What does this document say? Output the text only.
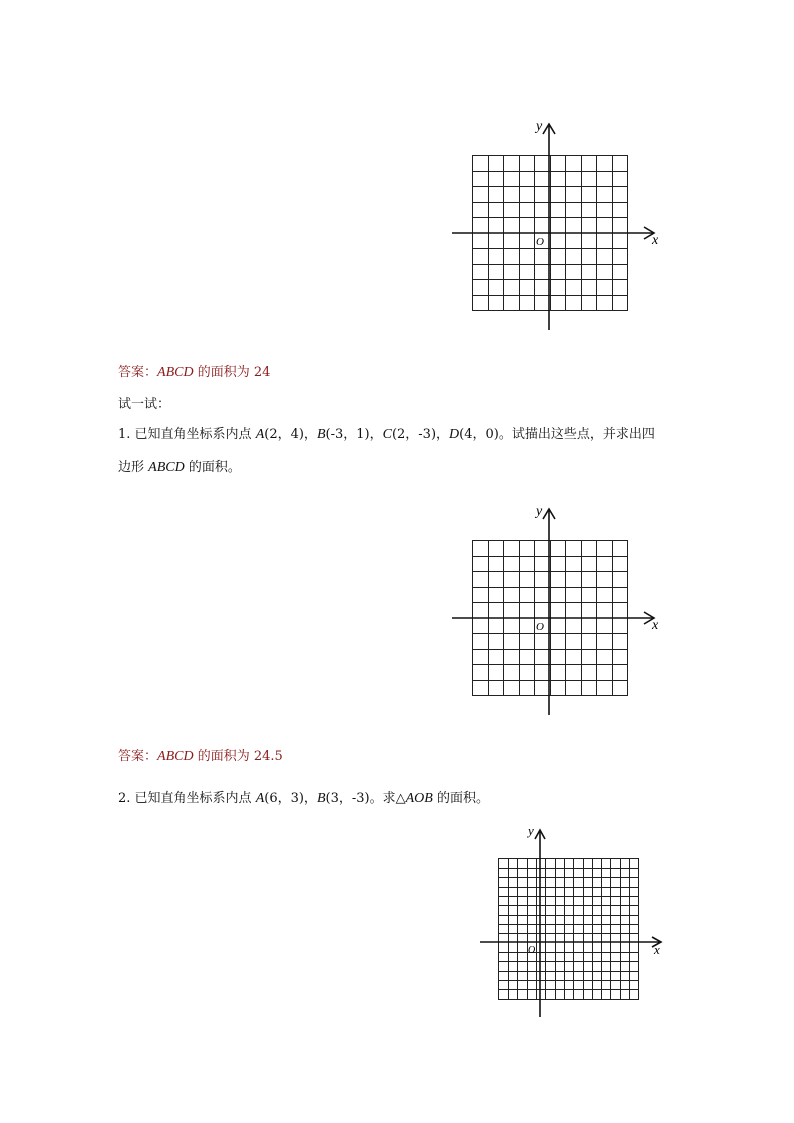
x
y
O
答案：ABCD 的面积为 24
试一试：
1. 已知直角坐标系内点 A(2，4)，B(-3，1)，C(2，-3)，D(4，0)。试描出这些点，并求出四
边形 ABCD 的面积。
x
y
O
答案：ABCD 的面积为 24.5
2. 已知直角坐标系内点 A(6，3)，B(3，-3)。求△AOB 的面积。
x
y
O
